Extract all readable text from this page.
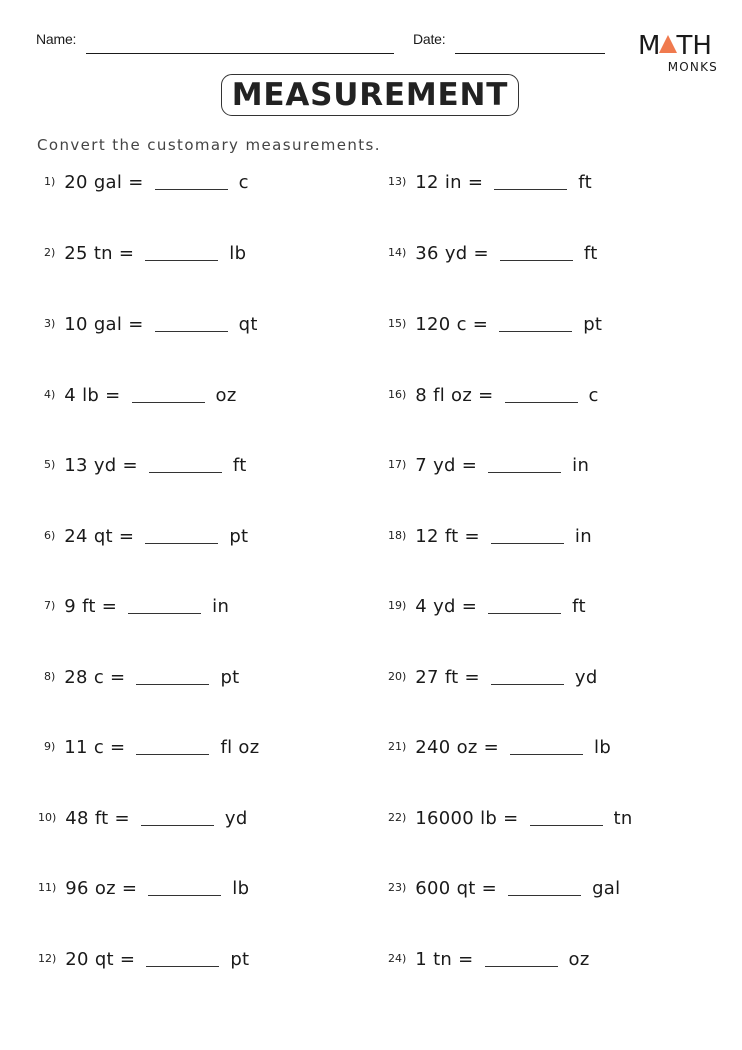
Name:	Date:	M TH
MONKS
MEASUREMENT
Convert the customary measurements.
1) 20 gal =	c
2) 25 tn =	lb
3) 10 gal =	qt
4) 4 lb =	oz
5) 13 yd =	ft
6) 24 qt =	pt
7) 9 ft =	in
8) 28 c =	pt
9) 11 c =	fl oz
10) 48 ft =	yd
11) 96 oz =	lb
12) 20 qt =	pt
13) 12 in =	ft
14) 36 yd =	ft
15) 120 c =	pt
16) 8 fl oz =	c
17) 7 yd =	in
18) 12 ft =	in
19) 4 yd =	ft
20) 27 ft =	yd
21) 240 oz =	lb
22) 16000 lb =	tn
23) 600 qt =	gal
24) 1 tn =	oz
